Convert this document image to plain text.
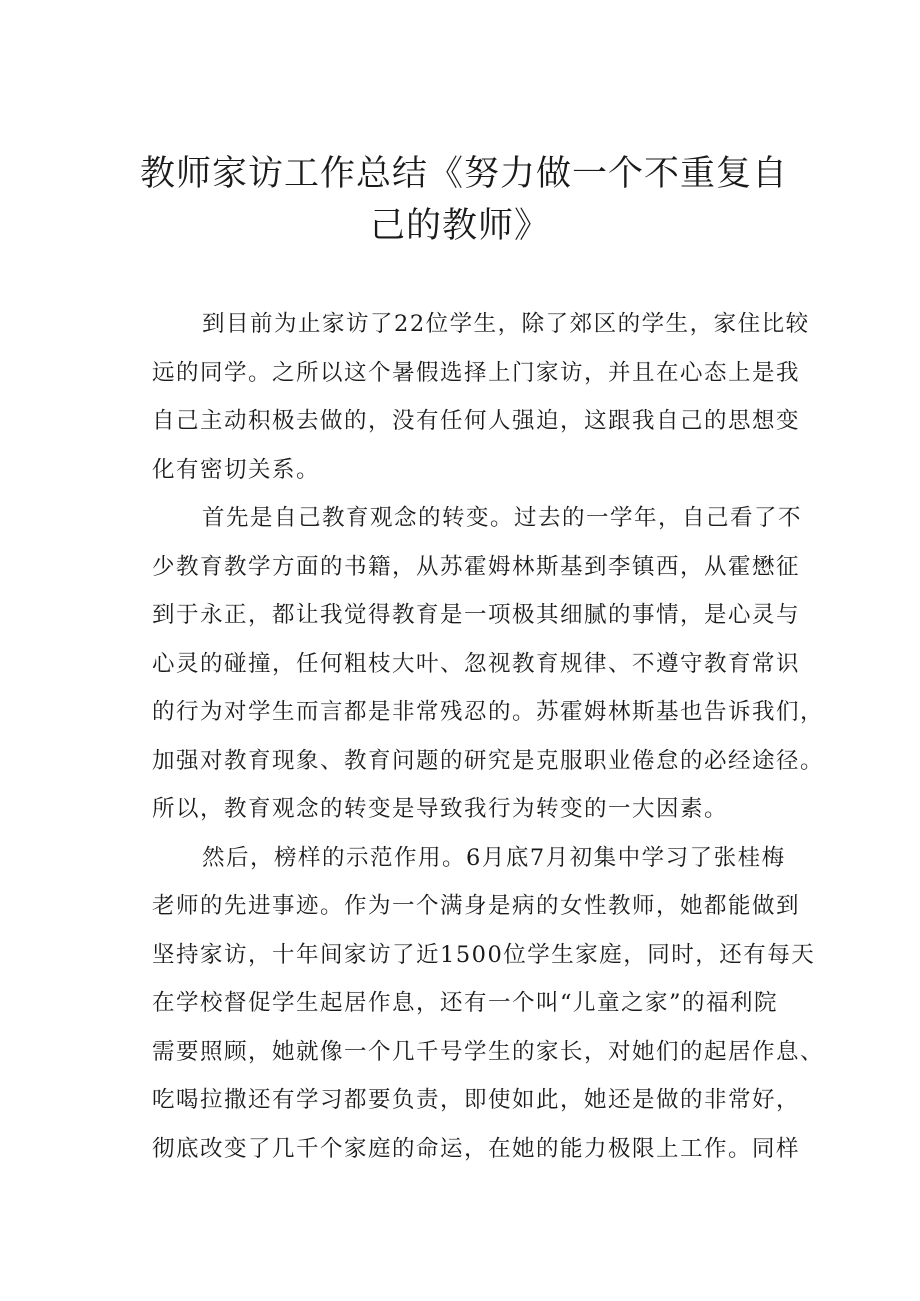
教师家访工作总结《努力做一个不重复自
己的教师》
到目前为止家访了22位学生，除了郊区的学生，家住比较
远的同学。之所以这个暑假选择上门家访，并且在心态上是我
自己主动积极去做的，没有任何人强迫，这跟我自己的思想变
化有密切关系。
首先是自己教育观念的转变。过去的一学年，自己看了不
少教育教学方面的书籍，从苏霍姆林斯基到李镇西，从霍懋征
到于永正，都让我觉得教育是一项极其细腻的事情，是心灵与
心灵的碰撞，任何粗枝大叶、忽视教育规律、不遵守教育常识
的行为对学生而言都是非常残忍的。苏霍姆林斯基也告诉我们，
加强对教育现象、教育问题的研究是克服职业倦怠的必经途径。
所以，教育观念的转变是导致我行为转变的一大因素。
然后，榜样的示范作用。6月底7月初集中学习了张桂梅
老师的先进事迹。作为一个满身是病的女性教师，她都能做到
坚持家访，十年间家访了近1500位学生家庭，同时，还有每天
在学校督促学生起居作息，还有一个叫“儿童之家”的福利院
需要照顾，她就像一个几千号学生的家长，对她们的起居作息、
吃喝拉撒还有学习都要负责，即使如此，她还是做的非常好，
彻底改变了几千个家庭的命运，在她的能力极限上工作。同样
